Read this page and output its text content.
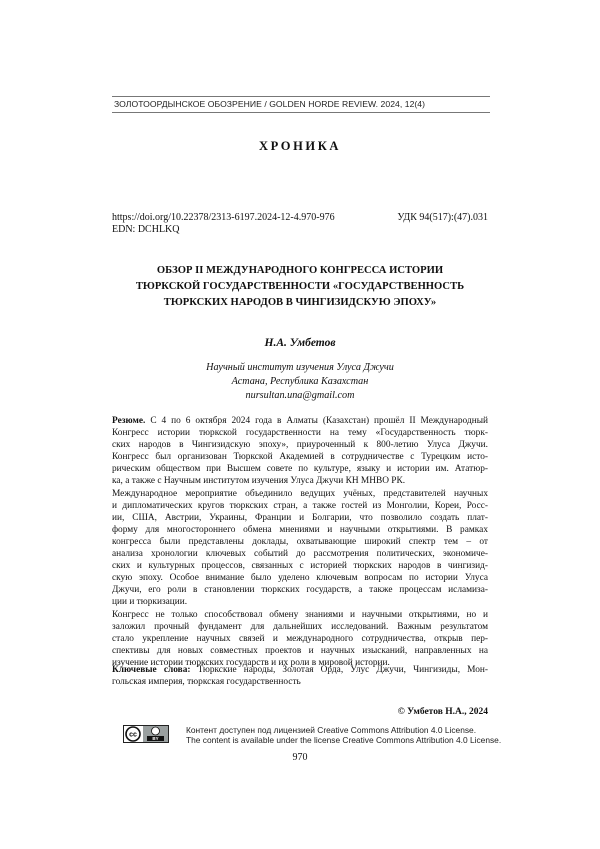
ЗОЛОТООРДЫНСКОЕ ОБОЗРЕНИЕ / GOLDEN HORDE REVIEW. 2024, 12(4)
ХРОНИКА
https://doi.org/10.22378/2313-6197.2024-12-4.970-976	УДК 94(517):(47).031
EDN: DCHLKQ
ОБЗОР II МЕЖДУНАРОДНОГО КОНГРЕССА ИСТОРИИ
ТЮРКСКОЙ ГОСУДАРСТВЕННОСТИ «ГОСУДАРСТВЕННОСТЬ
ТЮРКСКИХ НАРОДОВ В ЧИНГИЗИДСКУЮ ЭПОХУ»
Н.А. Умбетов
Научный институт изучения Улуса Джучи
Астана, Республика Казахстан
nursultan.una@gmail.com
Резюме. С 4 по 6 октября 2024 года в Алматы (Казахстан) прошёл II Международный
Конгресс истории тюркской государственности на тему «Государственность тюрк-
ских народов в Чингизидскую эпоху», приуроченный к 800-летию Улуса Джучи.
Конгресс был организован Тюркской Академией в сотрудничестве с Турецким исто-
рическим обществом при Высшем совете по культуре, языку и истории им. Ататюр-
ка, а также с Научным институтом изучения Улуса Джучи КН МНВО РК.
Международное мероприятие объединило ведущих учёных, представителей научных
и дипломатических кругов тюркских стран, а также гостей из Монголии, Кореи, Росс-
ии, США, Австрии, Украины, Франции и Болгарии, что позволило создать плат-
форму для многостороннего обмена мнениями и научными открытиями. В рамках
конгресса были представлены доклады, охватывающие широкий спектр тем – от
анализа хронологии ключевых событий до рассмотрения политических, экономиче-
ских и культурных процессов, связанных с историей тюркских народов в чингизид-
скую эпоху. Особое внимание было уделено ключевым вопросам по истории Улуса
Джучи, его роли в становлении тюркских государств, а также процессам исламиза-
ции и тюркизации.
Конгресс не только способствовал обмену знаниями и научными открытиями, но и
заложил прочный фундамент для дальнейших исследований. Важным результатом
стало укрепление научных связей и международного сотрудничества, открыв пер-
спективы для новых совместных проектов и научных изысканий, направленных на
изучение истории тюркских государств и их роли в мировой истории.
Ключевые слова: Тюркские народы, Золотая Орда, Улус Джучи, Чингизиды, Мон-
гольская империя, тюркская государственность
© Умбетов Н.А., 2024
cc
BY
Контент доступен под лицензией Creative Commons Attribution 4.0 License.
The content is available under the license Creative Commons Attribution 4.0 License.
970
